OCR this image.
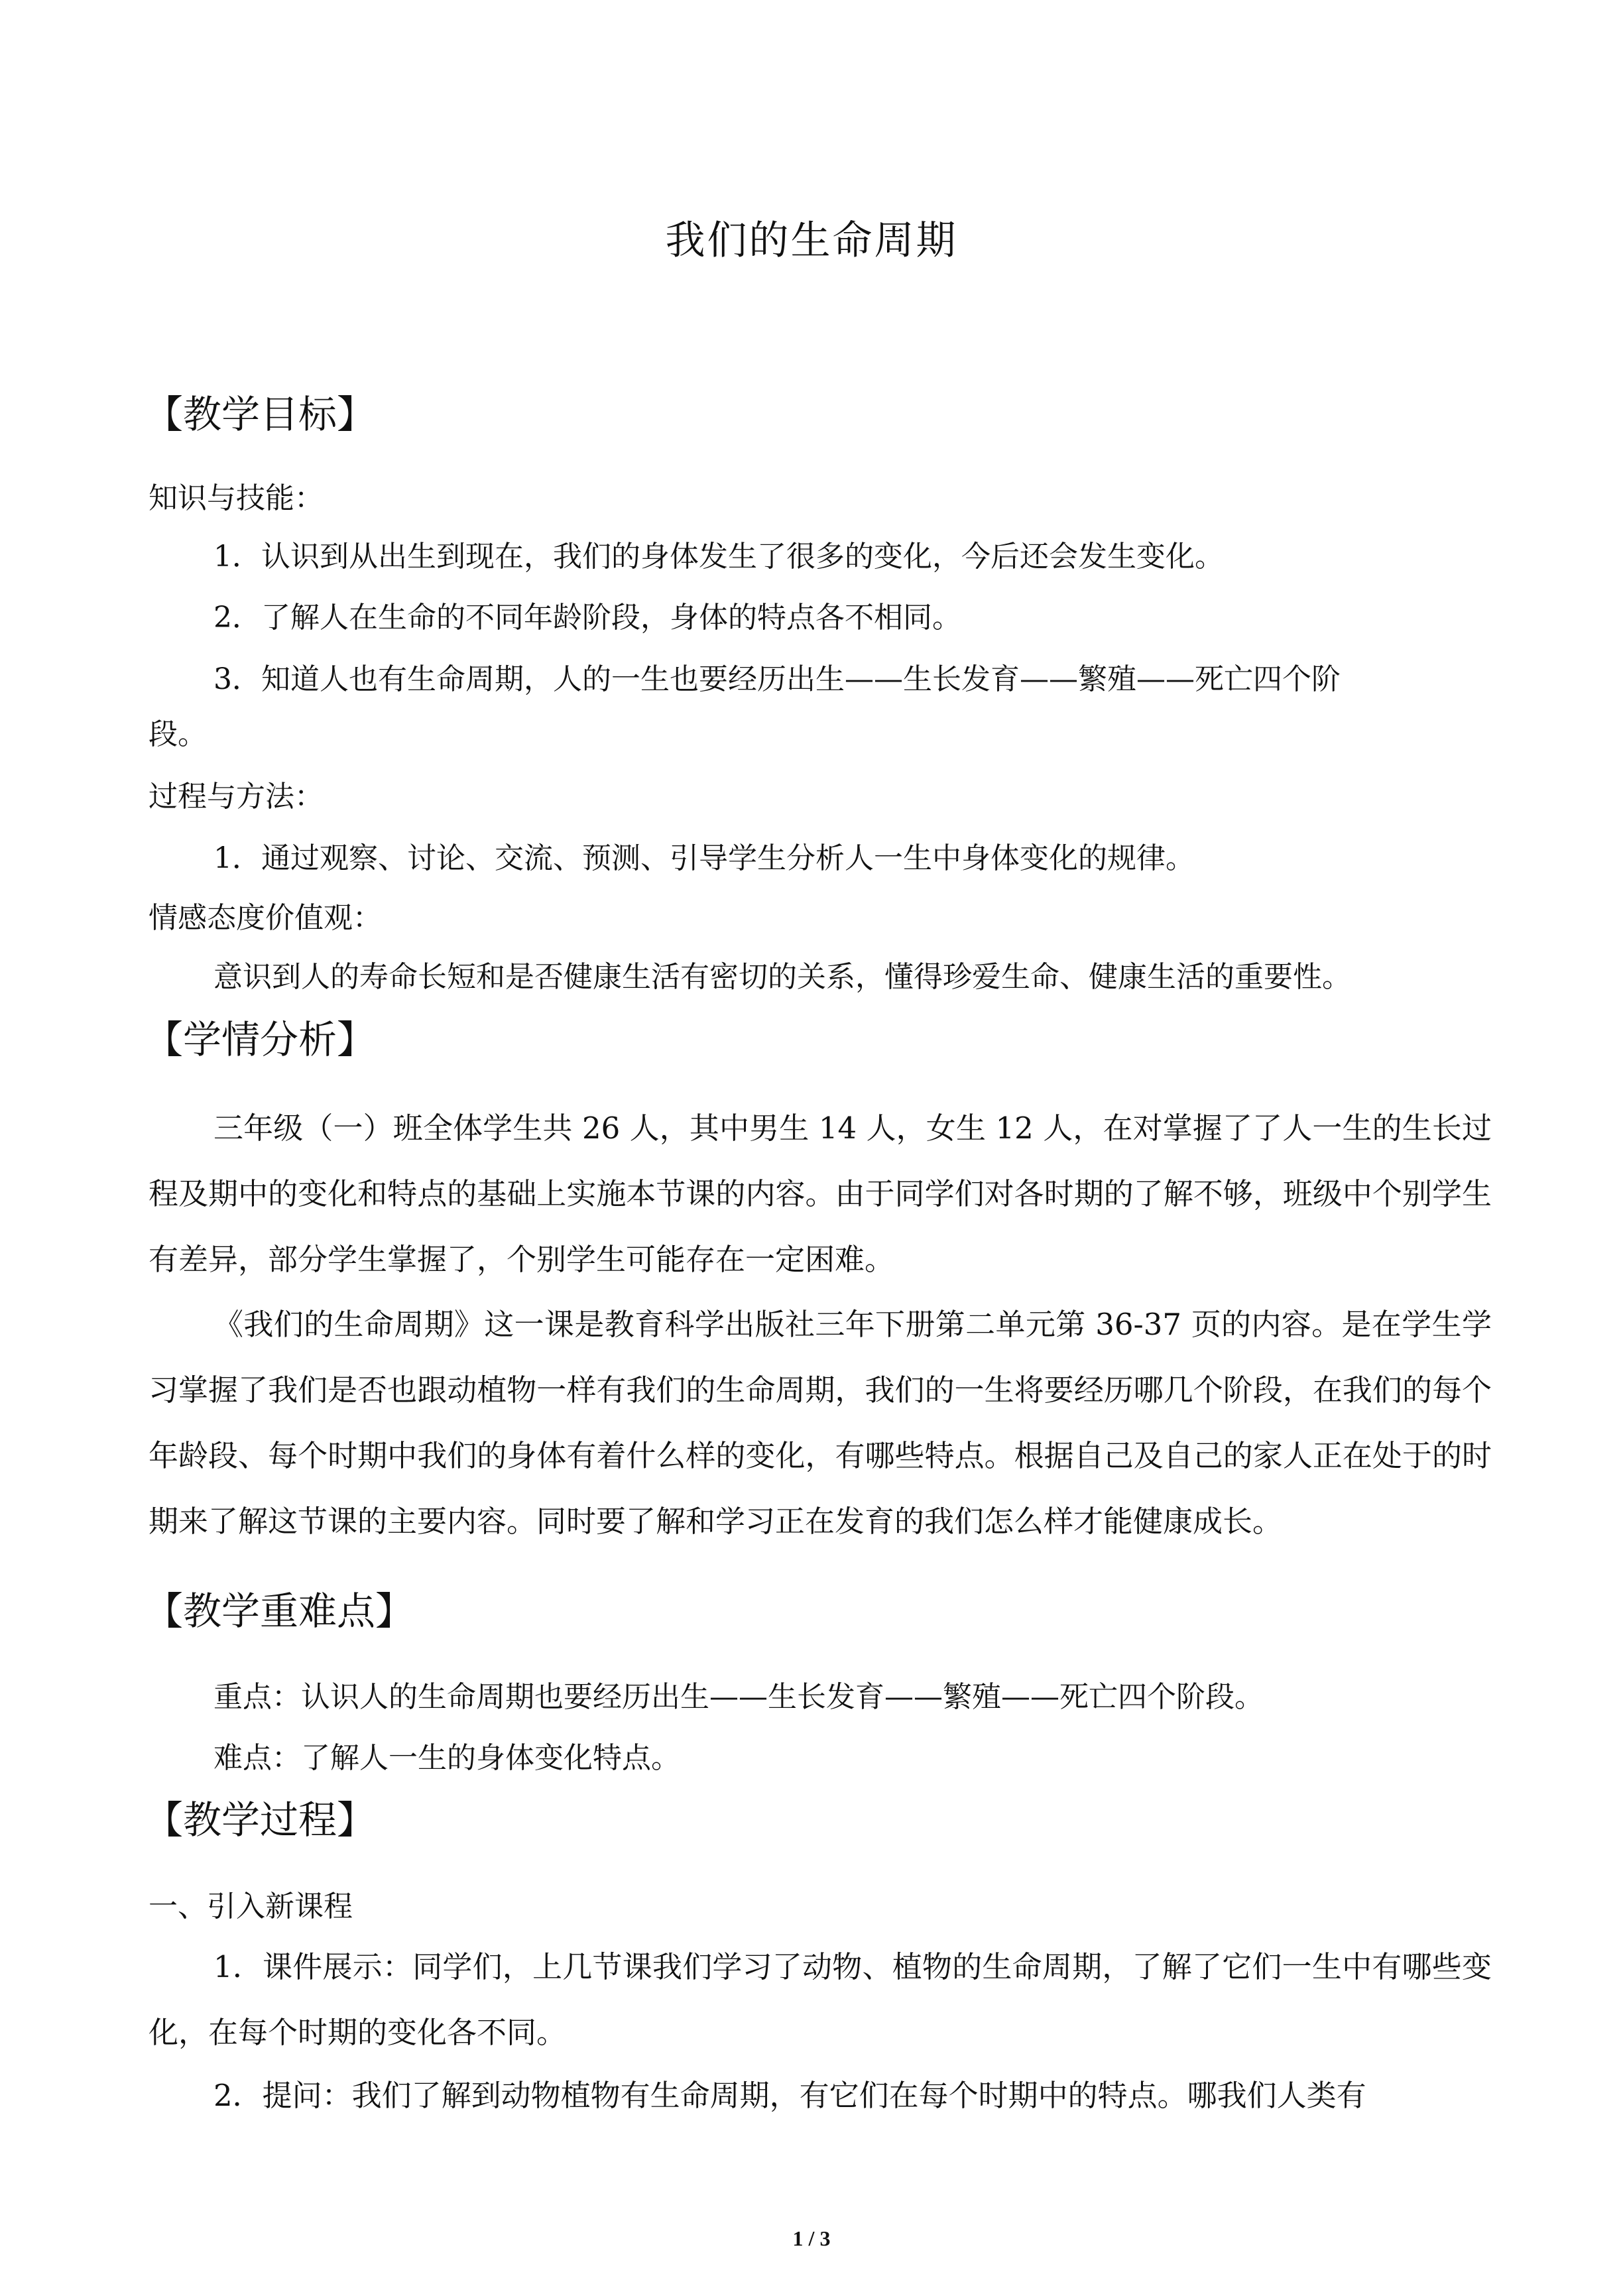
我们的生命周期
【教学目标】
知识与技能：
1．认识到从出生到现在，我们的身体发生了很多的变化，今后还会发生变化。
2．了解人在生命的不同年龄阶段，身体的特点各不相同。
3．知道人也有生命周期，人的一生也要经历出生——生长发育——繁殖——死亡四个阶
段。
过程与方法：
1．通过观察、讨论、交流、预测、引导学生分析人一生中身体变化的规律。
情感态度价值观：
意识到人的寿命长短和是否健康生活有密切的关系，懂得珍爱生命、健康生活的重要性。
【学情分析】
三年级（一）班全体学生共 26 人，其中男生 14 人，女生 12 人，在对掌握了了人一生的生长过程及期中的变化和特点的基础上实施本节课的内容。由于同学们对各时期的了解不够，班级中个别学生有差异，部分学生掌握了，个别学生可能存在一定困难。
《我们的生命周期》这一课是教育科学出版社三年下册第二单元第 36-37 页的内容。是在学生学习掌握了我们是否也跟动植物一样有我们的生命周期，我们的一生将要经历哪几个阶段，在我们的每个年龄段、每个时期中我们的身体有着什么样的变化，有哪些特点。根据自己及自己的家人正在处于的时期来了解这节课的主要内容。同时要了解和学习正在发育的我们怎么样才能健康成长。
【教学重难点】
重点：认识人的生命周期也要经历出生——生长发育——繁殖——死亡四个阶段。
难点：了解人一生的身体变化特点。
【教学过程】
一、引入新课程
1．课件展示：同学们，上几节课我们学习了动物、植物的生命周期，了解了它们一生中有哪些变化，在每个时期的变化各不同。
2．提问：我们了解到动物植物有生命周期，有它们在每个时期中的特点。哪我们人类有
1 / 3
